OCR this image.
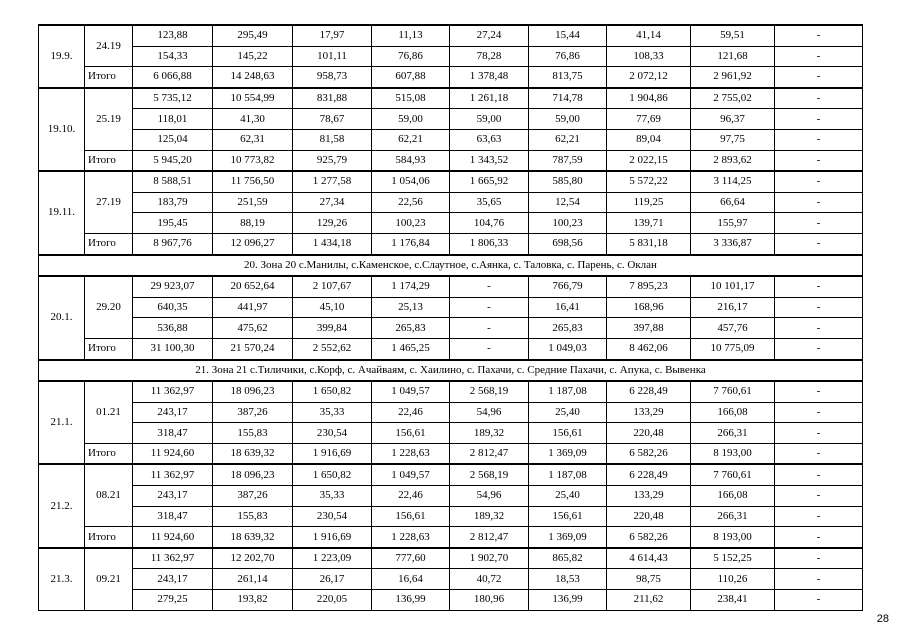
19.9.	24.19	123,88	295,49	17,97	11,13	27,24	15,44	41,14	59,51	-
		154,33	145,22	101,11	76,86	78,28	76,86	108,33	121,68	-
	Итого	6 066,88	14 248,63	958,73	607,88	1 378,48	813,75	2 072,12	2 961,92	-
19.10.	25.19	5 735,12	10 554,99	831,88	515,08	1 261,18	714,78	1 904,86	2 755,02	-
		118,01	41,30	78,67	59,00	59,00	59,00	77,69	96,37	-
		125,04	62,31	81,58	62,21	63,63	62,21	89,04	97,75	-
	Итого	5 945,20	10 773,82	925,79	584,93	1 343,52	787,59	2 022,15	2 893,62	-
19.11.	27.19	8 588,51	11 756,50	1 277,58	1 054,06	1 665,92	585,80	5 572,22	3 114,25	-
		183,79	251,59	27,34	22,56	35,65	12,54	119,25	66,64	-
		195,45	88,19	129,26	100,23	104,76	100,23	139,71	155,97	-
	Итого	8 967,76	12 096,27	1 434,18	1 176,84	1 806,33	698,56	5 831,18	3 336,87	-
20. Зона 20 с.Манилы, с.Каменское, с.Слаутное, с.Аянка, с. Таловка, с. Парень, с. Оклан										
20.1.	29.20	29 923,07	20 652,64	2 107,67	1 174,29	-	766,79	7 895,23	10 101,17	-
		640,35	441,97	45,10	25,13	-	16,41	168,96	216,17	-
		536,88	475,62	399,84	265,83	-	265,83	397,88	457,76	-
	Итого	31 100,30	21 570,24	2 552,62	1 465,25	-	1 049,03	8 462,06	10 775,09	-
21. Зона 21 с.Тиличики, с.Корф, с. Ачайваям, с. Хаилино, с. Пахачи, с. Средние Пахачи, с. Апука, с. Вывенка										
21.1.	01.21	11 362,97	18 096,23	1 650,82	1 049,57	2 568,19	1 187,08	6 228,49	7 760,61	-
		243,17	387,26	35,33	22,46	54,96	25,40	133,29	166,08	-
		318,47	155,83	230,54	156,61	189,32	156,61	220,48	266,31	-
	Итого	11 924,60	18 639,32	1 916,69	1 228,63	2 812,47	1 369,09	6 582,26	8 193,00	-
21.2.	08.21	11 362,97	18 096,23	1 650,82	1 049,57	2 568,19	1 187,08	6 228,49	7 760,61	-
		243,17	387,26	35,33	22,46	54,96	25,40	133,29	166,08	-
		318,47	155,83	230,54	156,61	189,32	156,61	220,48	266,31	-
	Итого	11 924,60	18 639,32	1 916,69	1 228,63	2 812,47	1 369,09	6 582,26	8 193,00	-
21.3.	09.21	11 362,97	12 202,70	1 223,09	777,60	1 902,70	865,82	4 614,43	5 152,25	-
		243,17	261,14	26,17	16,64	40,72	18,53	98,75	110,26	-
		279,25	193,82	220,05	136,99	180,96	136,99	211,62	238,41	-
28
